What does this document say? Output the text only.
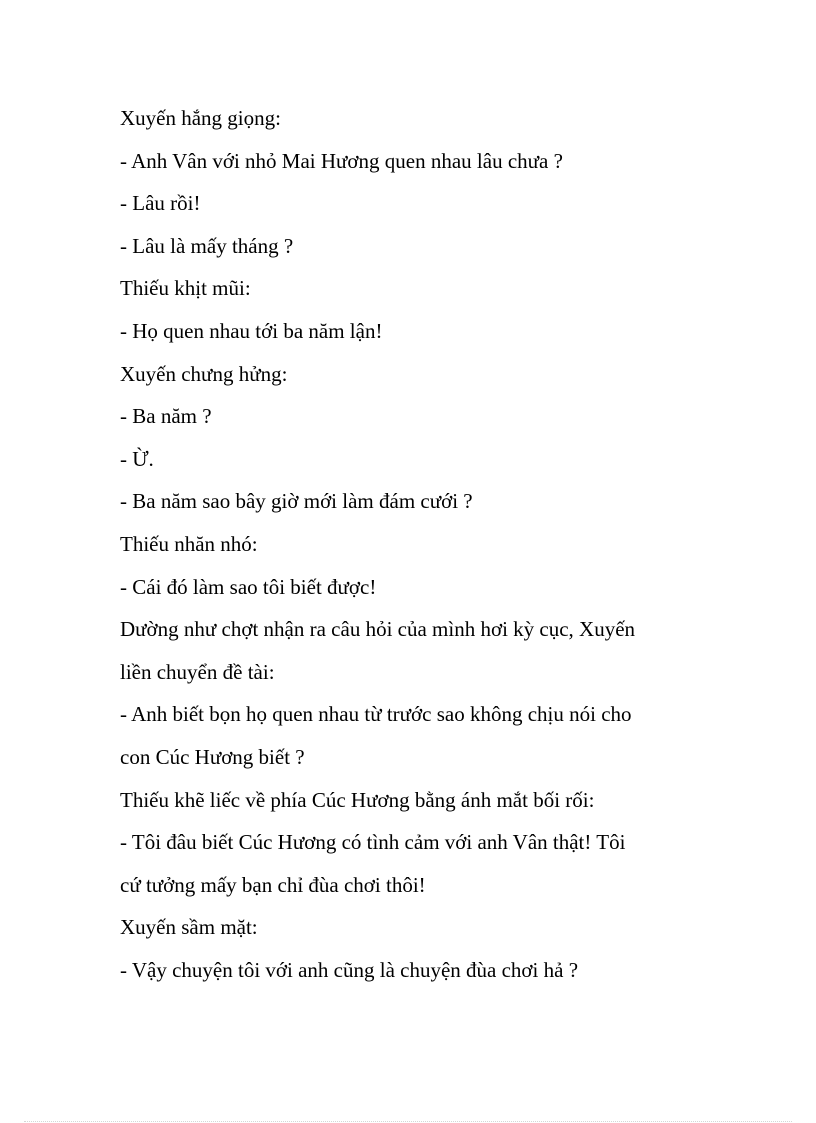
Xuyến hắng giọng:

- Anh Vân với nhỏ Mai Hương quen nhau lâu chưa ?

- Lâu rồi!

- Lâu là mấy tháng ?

Thiếu khịt mũi:

- Họ quen nhau tới ba năm lận!

Xuyến chưng hửng:

- Ba năm ?

- Ừ.

- Ba năm sao bây giờ mới làm đám cưới ?

Thiếu nhăn nhó:

- Cái đó làm sao tôi biết được!

Dường như chợt nhận ra câu hỏi của mình hơi kỳ cục, Xuyến

liền chuyển đề tài:

- Anh biết bọn họ quen nhau từ trước sao không chịu nói cho

con Cúc Hương biết ?

Thiếu khẽ liếc về phía Cúc Hương bằng ánh mắt bối rối:

- Tôi đâu biết Cúc Hương có tình cảm với anh Vân thật! Tôi

cứ tưởng mấy bạn chỉ đùa chơi thôi!

Xuyến sầm mặt:

- Vậy chuyện tôi với anh cũng là chuyện đùa chơi hả ?
